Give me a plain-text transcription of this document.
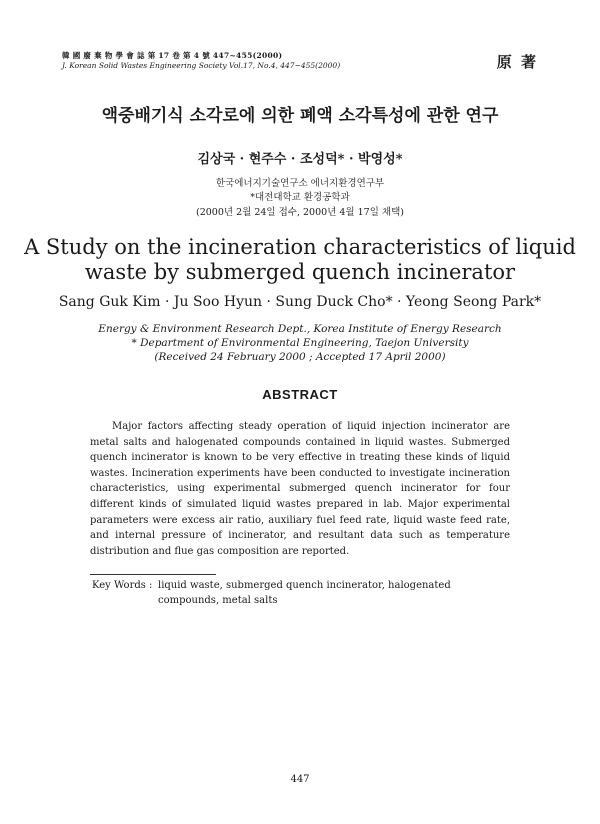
韓 國 廢 棄 物 學 會 誌 第 17 卷 第 4 號 447~455(2000)
J. Korean Solid Wastes Engineering Society Vol.17, No.4, 447~455(2000)	原 著
액중배기식 소각로에 의한 폐액 소각특성에 관한 연구
김상국 · 현주수 · 조성덕* · 박영성*
한국에너지기술연구소 에너지환경연구부
*대전대학교 환경공학과
(2000년 2월 24일 접수, 2000년 4월 17일 채택)
A Study on the incineration characteristics of liquid
waste by submerged quench incinerator
Sang Guk Kim · Ju Soo Hyun · Sung Duck Cho* · Yeong Seong Park*
Energy & Environment Research Dept., Korea Institute of Energy Research
* Department of Environmental Engineering, Taejon University
(Received 24 February 2000 ; Accepted 17 April 2000)
ABSTRACT

Major factors affecting steady operation of liquid injection incinerator are metal salts and halogenated compounds contained in liquid wastes. Submerged quench incinerator is known to be very effective in treating these kinds of liquid wastes. Incineration experiments have been conducted to investigate incineration characteristics, using experimental submerged quench incinerator for four different kinds of simulated liquid wastes prepared in lab. Major experimental parameters were excess air ratio, auxiliary fuel feed rate, liquid waste feed rate, and internal pressure of incinerator, and resultant data such as temperature distribution and flue gas composition are reported.

Key Words : liquid waste, submerged quench incinerator, halogenated compounds, metal salts
447
